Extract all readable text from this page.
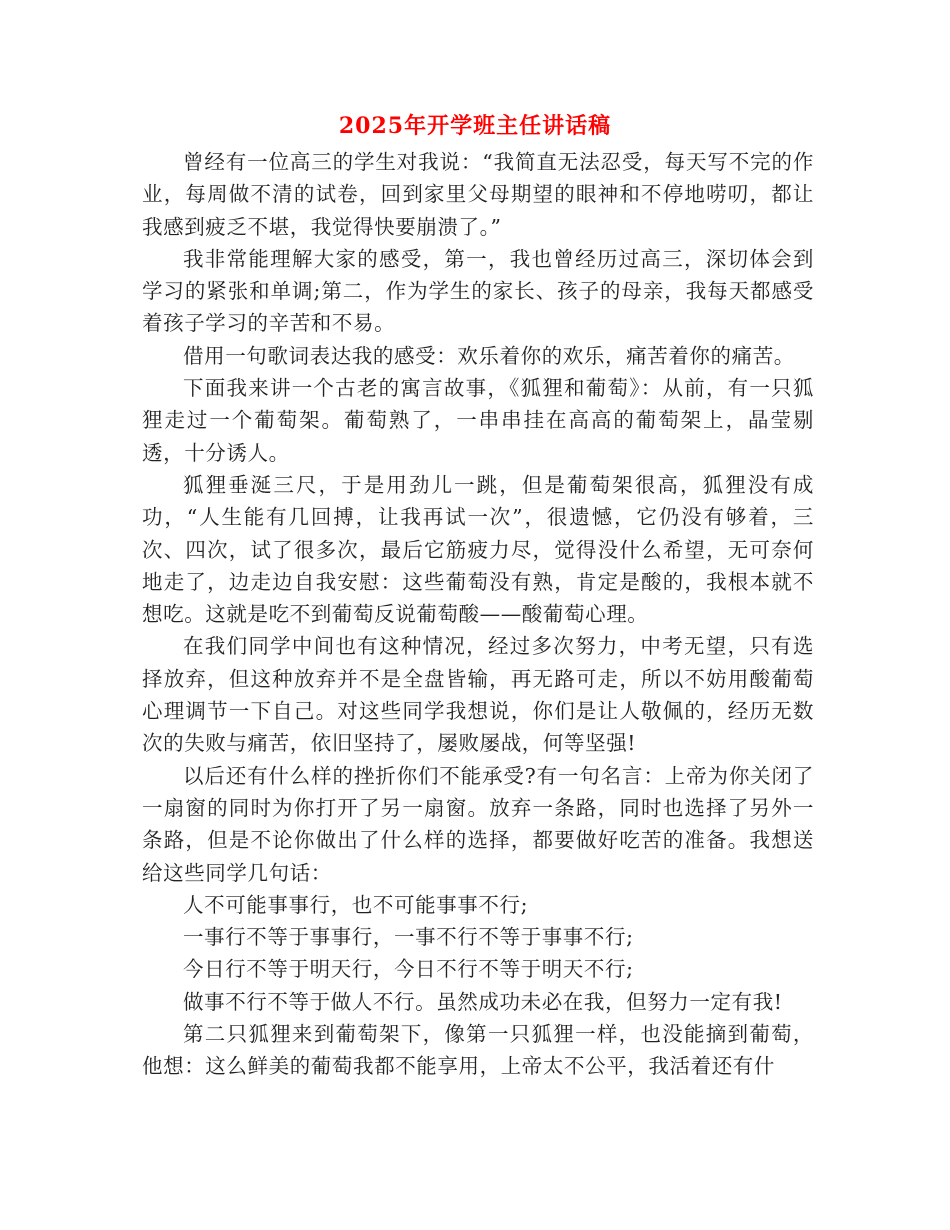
2025年开学班主任讲话稿

曾经有一位高三的学生对我说：“我简直无法忍受，每天写不完的作业，每周做不清的试卷，回到家里父母期望的眼神和不停地唠叨，都让我感到疲乏不堪，我觉得快要崩溃了。”

我非常能理解大家的感受，第一，我也曾经历过高三，深切体会到学习的紧张和单调;第二，作为学生的家长、孩子的母亲，我每天都感受着孩子学习的辛苦和不易。

借用一句歌词表达我的感受：欢乐着你的欢乐，痛苦着你的痛苦。

下面我来讲一个古老的寓言故事，《狐狸和葡萄》：从前，有一只狐狸走过一个葡萄架。葡萄熟了，一串串挂在高高的葡萄架上，晶莹剔透，十分诱人。

狐狸垂涎三尺，于是用劲儿一跳，但是葡萄架很高，狐狸没有成功，“人生能有几回搏，让我再试一次”，很遗憾，它仍没有够着，三次、四次，试了很多次，最后它筋疲力尽，觉得没什么希望，无可奈何地走了，边走边自我安慰：这些葡萄没有熟，肯定是酸的，我根本就不想吃。这就是吃不到葡萄反说葡萄酸——酸葡萄心理。

在我们同学中间也有这种情况，经过多次努力，中考无望，只有选择放弃，但这种放弃并不是全盘皆输，再无路可走，所以不妨用酸葡萄心理调节一下自己。对这些同学我想说，你们是让人敬佩的，经历无数次的失败与痛苦，依旧坚持了，屡败屡战，何等坚强!

以后还有什么样的挫折你们不能承受?有一句名言：上帝为你关闭了一扇窗的同时为你打开了另一扇窗。放弃一条路，同时也选择了另外一条路，但是不论你做出了什么样的选择，都要做好吃苦的准备。我想送给这些同学几句话：

人不可能事事行，也不可能事事不行;

一事行不等于事事行，一事不行不等于事事不行;

今日行不等于明天行，今日不行不等于明天不行;

做事不行不等于做人不行。虽然成功未必在我，但努力一定有我!

第二只狐狸来到葡萄架下，像第一只狐狸一样，也没能摘到葡萄，他想：这么鲜美的葡萄我都不能享用，上帝太不公平，我活着还有什
